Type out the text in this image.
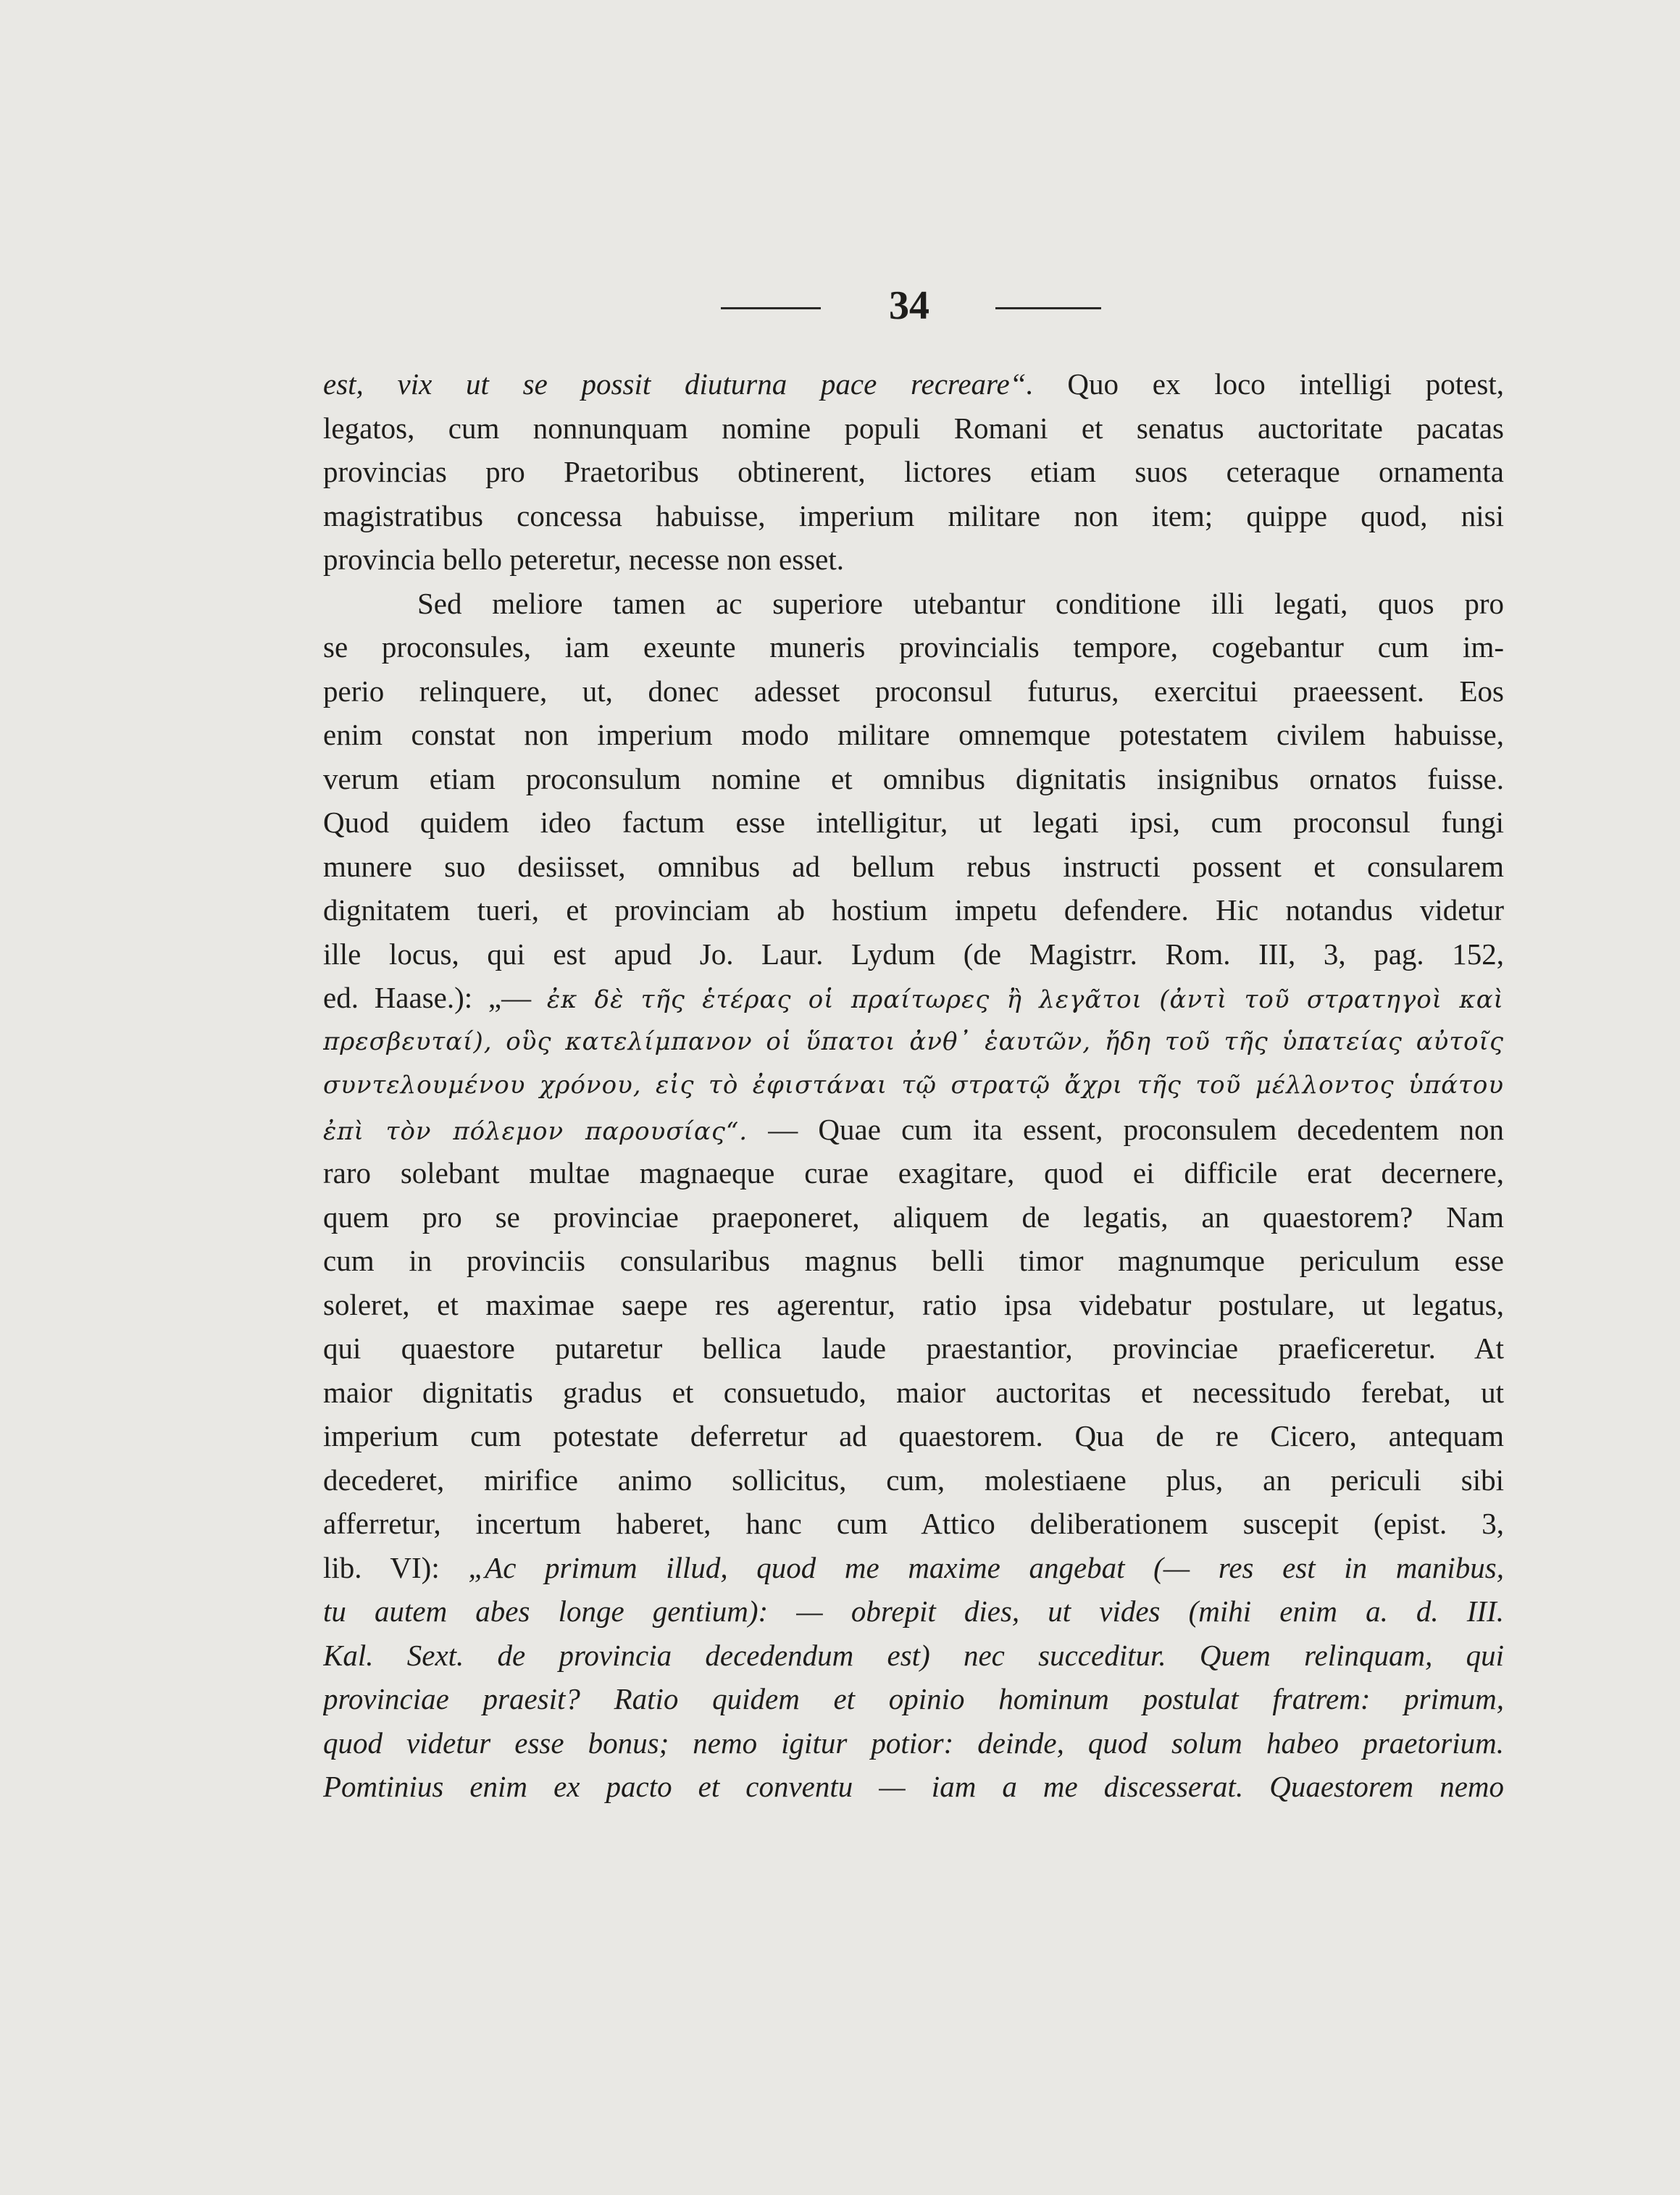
34
est, vix ut se possit diuturna pace recreare“. Quo ex loco intelligi potest,
legatos, cum nonnunquam nomine populi Romani et senatus auctoritate pacatas
provincias pro Praetoribus obtinerent, lictores etiam suos ceteraque ornamenta
magistratibus concessa habuisse, imperium militare non item; quippe quod, nisi
provincia bello peteretur, necesse non esset.
Sed meliore tamen ac superiore utebantur conditione illi legati, quos pro
se proconsules, iam exeunte muneris provincialis tempore, cogebantur cum im-
perio relinquere, ut, donec adesset proconsul futurus, exercitui praeessent. Eos
enim constat non imperium modo militare omnemque potestatem civilem habuisse,
verum etiam proconsulum nomine et omnibus dignitatis insignibus ornatos fuisse.
Quod quidem ideo factum esse intelligitur, ut legati ipsi, cum proconsul fungi
munere suo desiisset, omnibus ad bellum rebus instructi possent et consularem
dignitatem tueri, et provinciam ab hostium impetu defendere. Hic notandus videtur
ille locus, qui est apud Jo. Laur. Lydum (de Magistrr. Rom. III, 3, pag. 152,
ed. Haase.): „— ἐκ δὲ τῆς ἑτέρας οἱ πραίτωρες ἢ λεγᾶτοι (ἀντὶ τοῦ στρατηγοὶ καὶ
πρεσβευταί), οὓς κατελίμπανον οἱ ὕπατοι ἀνθ᾽ ἑαυτῶν, ἤδη τοῦ τῆς ὑπατείας αὐτοῖς
συντελουμένου χρόνου, εἰς τὸ ἐφιστάναι τῷ στρατῷ ἄχρι τῆς τοῦ μέλλοντος ὑπάτου
ἐπὶ τὸν πόλεμον παρουσίας“. — Quae cum ita essent, proconsulem decedentem non
raro solebant multae magnaeque curae exagitare, quod ei difficile erat decernere,
quem pro se provinciae praeponeret, aliquem de legatis, an quaestorem? Nam
cum in provinciis consularibus magnus belli timor magnumque periculum esse
soleret, et maximae saepe res agerentur, ratio ipsa videbatur postulare, ut legatus,
qui quaestore putaretur bellica laude praestantior, provinciae praeficeretur. At
maior dignitatis gradus et consuetudo, maior auctoritas et necessitudo ferebat, ut
imperium cum potestate deferretur ad quaestorem. Qua de re Cicero, antequam
decederet, mirifice animo sollicitus, cum, molestiaene plus, an periculi sibi
afferretur, incertum haberet, hanc cum Attico deliberationem suscepit (epist. 3,
lib. VI): „Ac primum illud, quod me maxime angebat (— res est in manibus,
tu autem abes longe gentium): — obrepit dies, ut vides (mihi enim a. d. III.
Kal. Sext. de provincia decedendum est) nec succeditur. Quem relinquam, qui
provinciae praesit? Ratio quidem et opinio hominum postulat fratrem: primum,
quod videtur esse bonus; nemo igitur potior: deinde, quod solum habeo praetorium.
Pomtinius enim ex pacto et conventu — iam a me discesserat. Quaestorem nemo
